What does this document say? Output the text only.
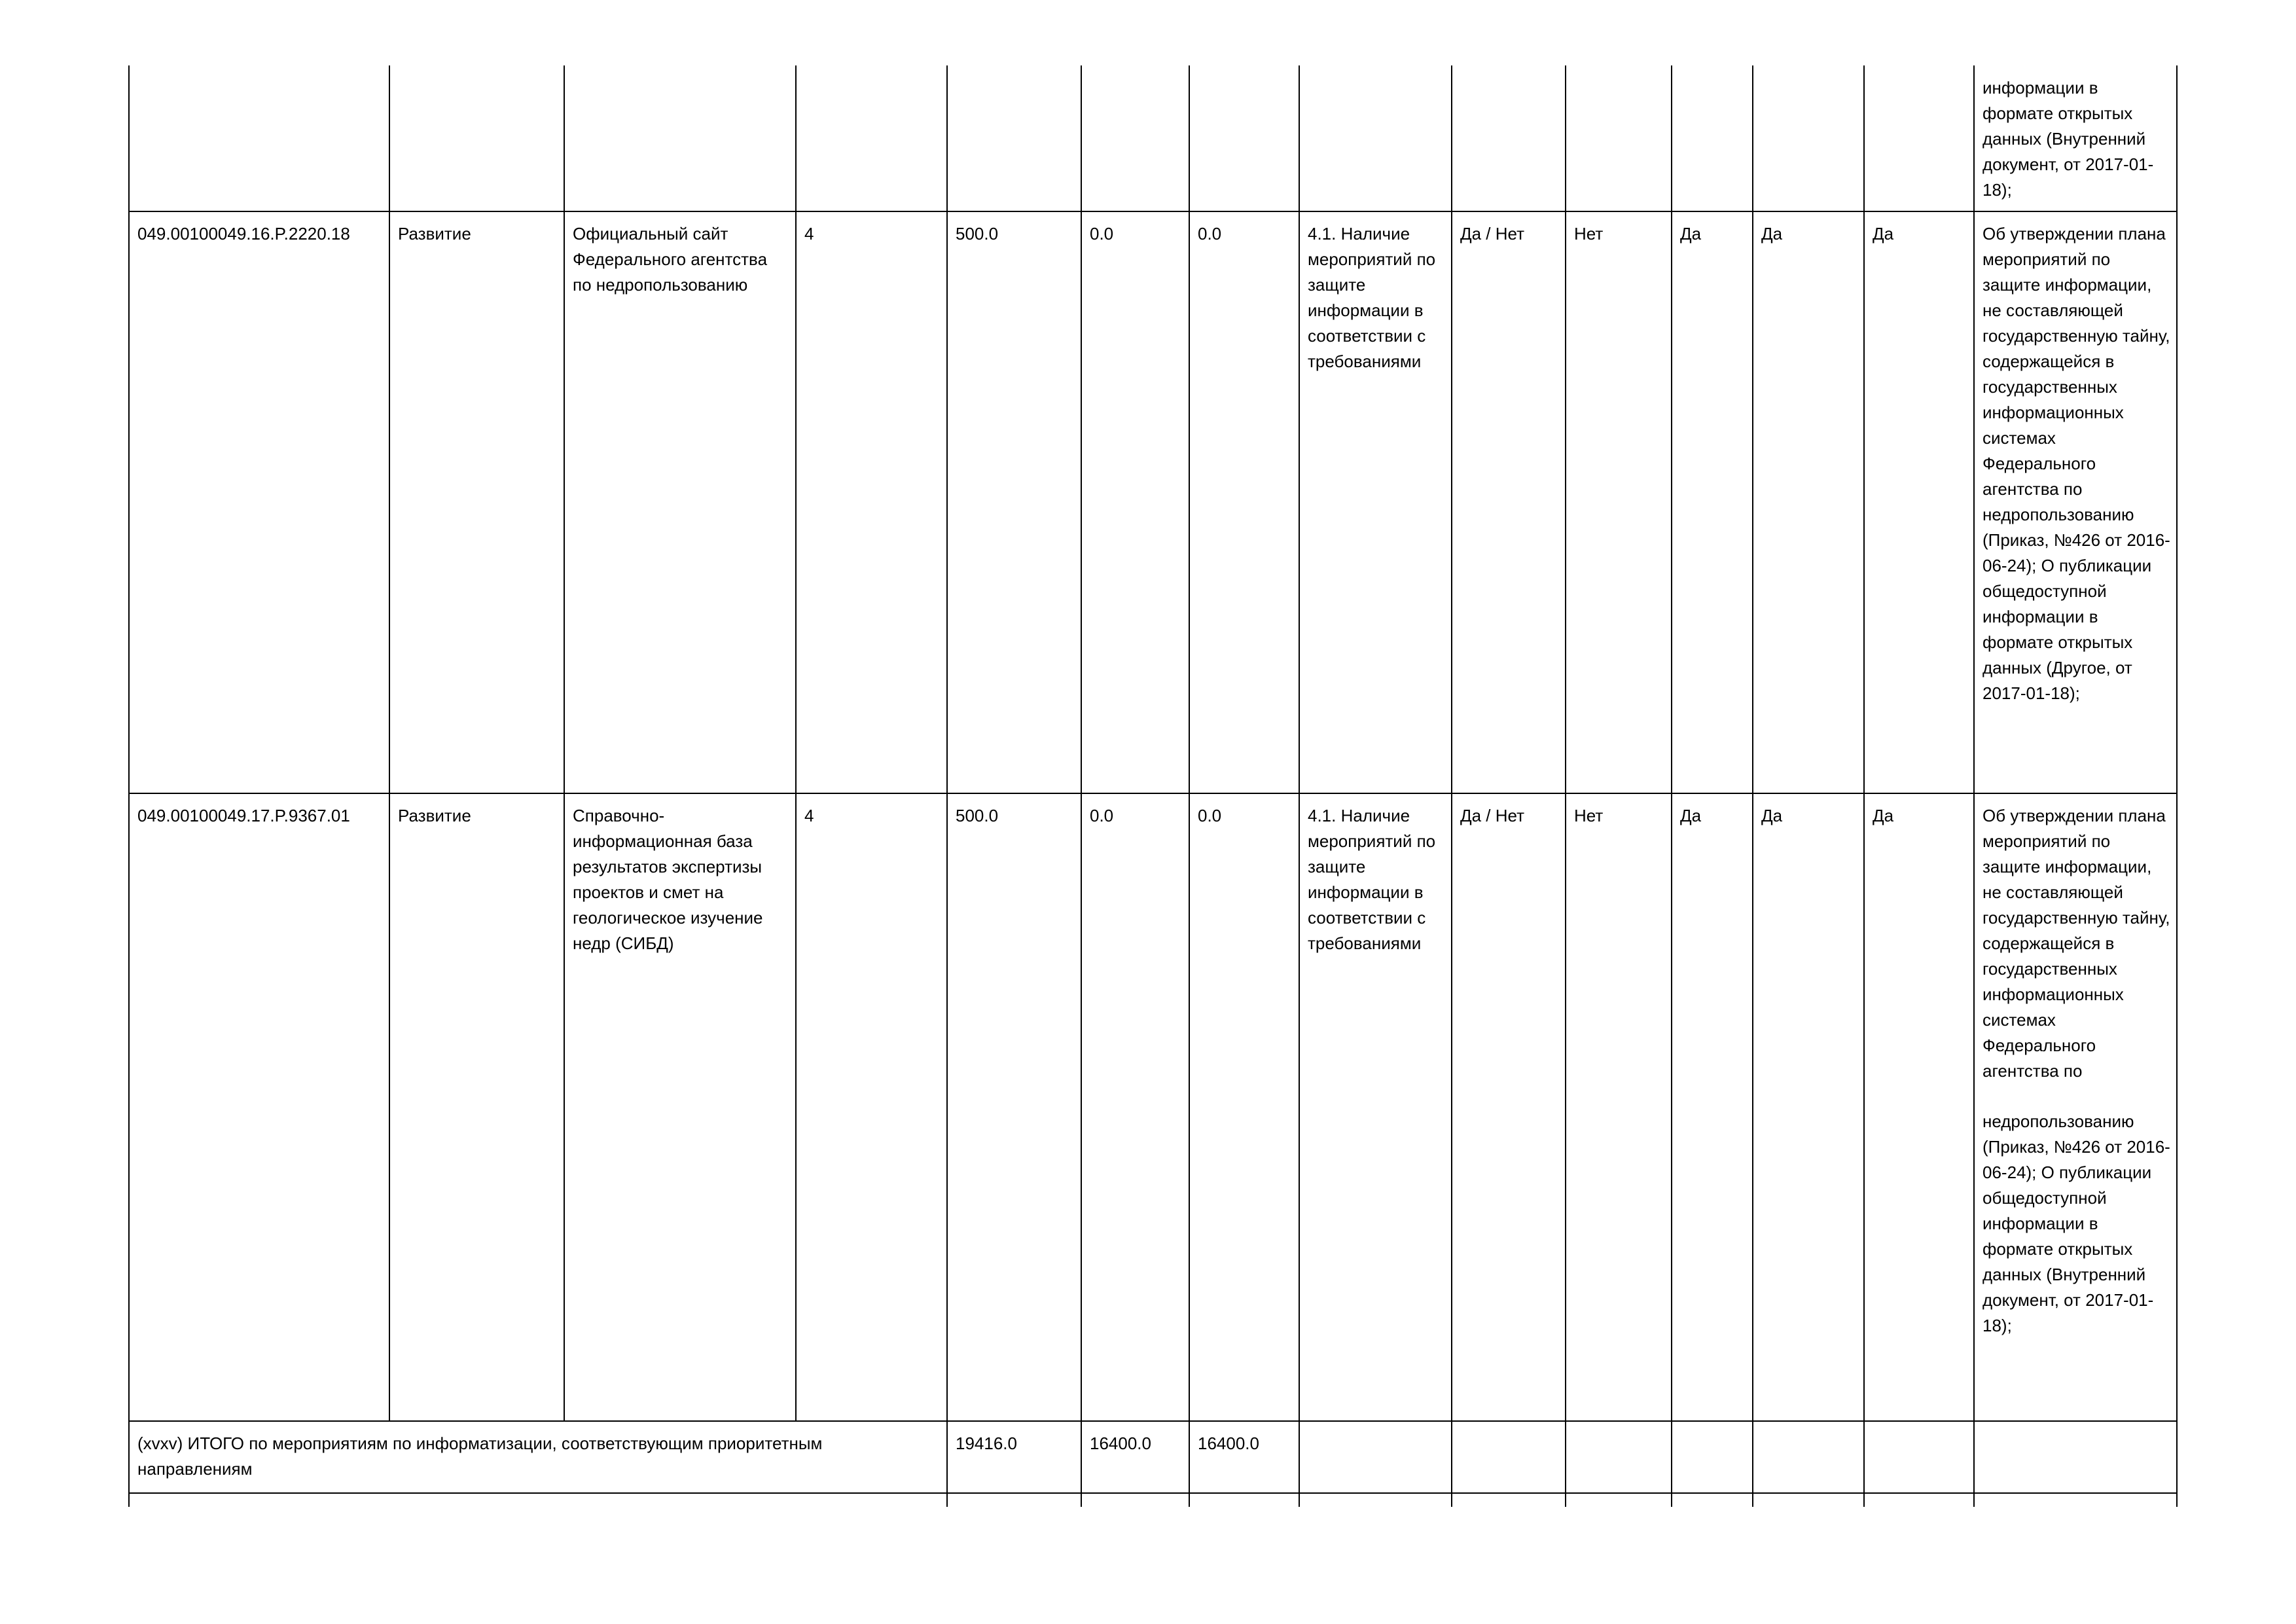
													информации в формате открытых данных (Внутренний документ, от 2017-01-18);
049.00100049.16.P.2220.18	Развитие	Официальный сайт Федерального агентства по недропользованию	4	500.0	0.0	0.0	4.1. Наличие мероприятий по защите информации в соответствии с требованиями	Да / Нет	Нет	Да	Да	Да	Об утверждении плана мероприятий по защите информации, не составляющей государственную тайну, содержащейся в государственных информационных системах Федерального агентства по недропользованию (Приказ, №426 от 2016-06-24); О публикации общедоступной информации в формате открытых данных (Другое, от 2017-01-18);
049.00100049.17.P.9367.01	Развитие	Справочно-информационная база результатов экспертизы проектов и смет на геологическое изучение недр (СИБД)	4	500.0	0.0	0.0	4.1. Наличие мероприятий по защите информации в соответствии с требованиями	Да / Нет	Нет	Да	Да	Да	Об утверждении плана мероприятий по защите информации, не составляющей государственную тайну, содержащейся в государственных информационных системах Федерального агентства по
недропользованию (Приказ, №426 от 2016-06-24); О публикации общедоступной информации в формате открытых данных (Внутренний документ, от 2017-01-18);
(xvxv) ИТОГО по мероприятиям по информатизации, соответствующим приоритетным направлениям				19416.0	16400.0	16400.0							
